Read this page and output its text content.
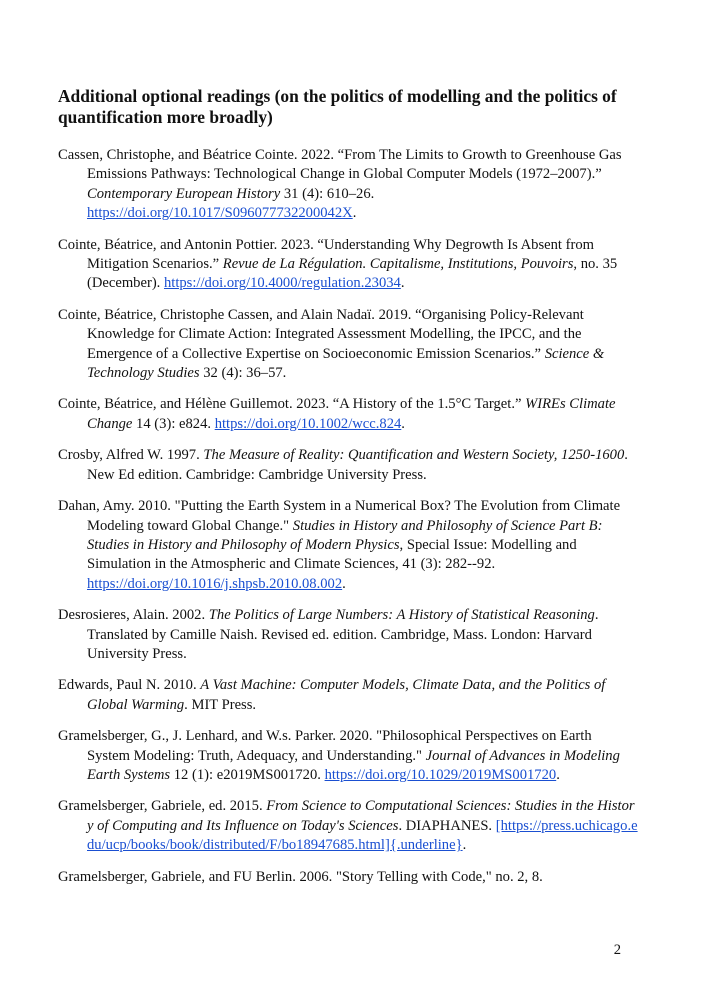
Additional optional readings (on the politics of modelling and the politics of quantification more broadly)

Cassen, Christophe, and Béatrice Cointe. 2022. “From The Limits to Growth to Greenhouse Gas Emissions Pathways: Technological Change in Global Computer Models (1972–2007).” Contemporary European History 31 (4): 610–26. https://doi.org/10.1017/S096077732200042X.

Cointe, Béatrice, and Antonin Pottier. 2023. “Understanding Why Degrowth Is Absent from Mitigation Scenarios.” Revue de La Régulation. Capitalisme, Institutions, Pouvoirs, no. 35 (December). https://doi.org/10.4000/regulation.23034.

Cointe, Béatrice, Christophe Cassen, and Alain Nadaï. 2019. “Organising Policy-Relevant Knowledge for Climate Action: Integrated Assessment Modelling, the IPCC, and the Emergence of a Collective Expertise on Socioeconomic Emission Scenarios.” Science & Technology Studies 32 (4): 36–57.

Cointe, Béatrice, and Hélène Guillemot. 2023. “A History of the 1.5°C Target.” WIREs Climate Change 14 (3): e824. https://doi.org/10.1002/wcc.824.

Crosby, Alfred W. 1997. The Measure of Reality: Quantification and Western Society, 1250-1600. New Ed edition. Cambridge: Cambridge University Press.

Dahan, Amy. 2010. "Putting the Earth System in a Numerical Box? The Evolution from Climate Modeling toward Global Change." Studies in History and Philosophy of Science Part B: Studies in History and Philosophy of Modern Physics, Special Issue: Modelling and Simulation in the Atmospheric and Climate Sciences, 41 (3): 282--92. https://doi.org/10.1016/j.shpsb.2010.08.002.

Desrosieres, Alain. 2002. The Politics of Large Numbers: A History of Statistical Reasoning. Translated by Camille Naish. Revised ed. edition. Cambridge, Mass. London: Harvard University Press.

Edwards, Paul N. 2010. A Vast Machine: Computer Models, Climate Data, and the Politics of Global Warming. MIT Press.

Gramelsberger, G., J. Lenhard, and W.s. Parker. 2020. "Philosophical Perspectives on Earth System Modeling: Truth, Adequacy, and Understanding." Journal of Advances in Modeling Earth Systems 12 (1): e2019MS001720. https://doi.org/10.1029/2019MS001720.

Gramelsberger, Gabriele, ed. 2015. From Science to Computational Sciences: Studies in the History of Computing and Its Influence on Today's Sciences. DIAPHANES. [https://press.uchicago.edu/ucp/books/book/distributed/F/bo18947685.html]{.underline}.

Gramelsberger, Gabriele, and FU Berlin. 2006. "Story Telling with Code," no. 2, 8.

2
